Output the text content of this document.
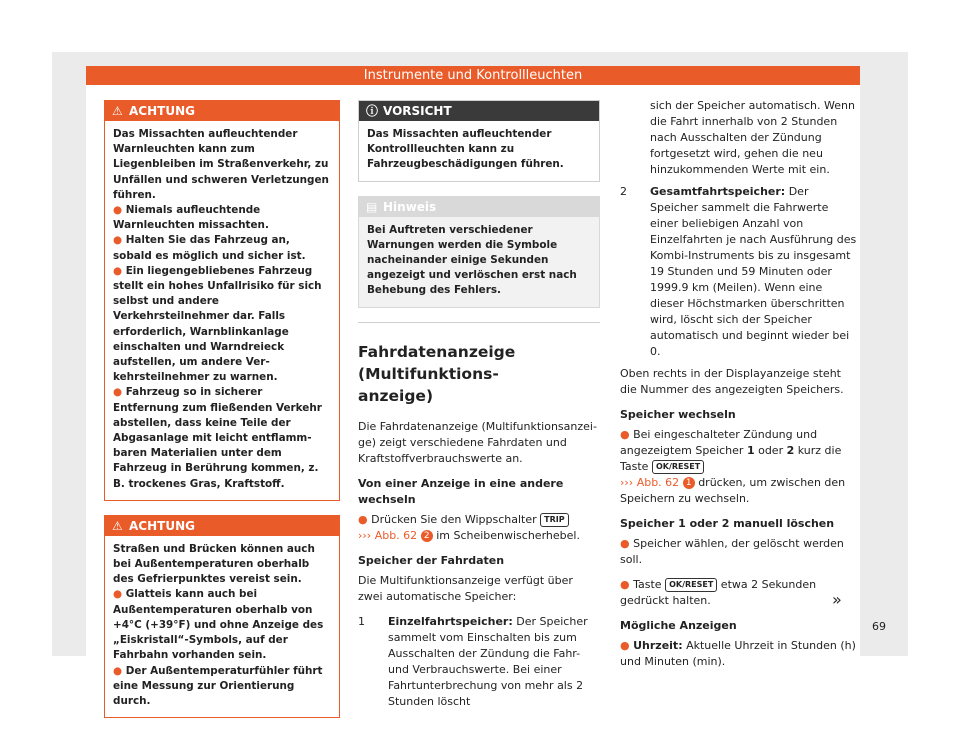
Instrumente und Kontrollleuchten
⚠ ACHTUNG

Das Missachten aufleuchtender Warnleuchten kann zum Liegenbleiben im Straßenverkehr, zu Unfällen und schweren Verletzungen führen.

● Niemals aufleuchtende Warnleuchten missachten.

● Halten Sie das Fahrzeug an, sobald es möglich und sicher ist.

● Ein liegengebliebenes Fahrzeug stellt ein hohes Unfallrisiko für sich selbst und andere Verkehrsteilnehmer dar. Falls erforderlich, Warnblinkanlage einschalten und Warndreieck aufstellen, um andere Verkehrsteilnehmer zu warnen.

● Fahrzeug so in sicherer Entfernung zum fließenden Verkehr abstellen, dass keine Teile der Abgasanlage mit leicht entflammbaren Materialien unter dem Fahrzeug in Berührung kommen, z. B. trockenes Gras, Kraftstoff.

⚠ ACHTUNG

Straßen und Brücken können auch bei Außentemperaturen oberhalb des Gefrierpunktes vereist sein.

● Glatteis kann auch bei Außentemperaturen oberhalb von +4°C (+39°F) und ohne Anzeige des „Eiskristall“-Symbols, auf der Fahrbahn vorhanden sein.

● Der Außentemperaturfühler führt eine Messung zur Orientierung durch.

ⓘ VORSICHT
Das Missachten aufleuchtender Kontrollleuchten kann zu Fahrzeugbeschädigungen führen.
▤ Hinweis
Bei Auftreten verschiedener Warnungen werden die Symbole nacheinander einige Sekunden angezeigt und verlöschen erst nach Behebung des Fehlers.
Fahrdatenanzeige (Multifunktions-
anzeige)

Die Fahrdatenanzeige (Multifunktionsanzeige) zeigt verschiedene Fahrdaten und Kraftstoffverbrauchswerte an.

Von einer Anzeige in eine andere wechseln

● Drücken Sie den Wippschalter TRIP
››› Abb. 62 2 im Scheibenwischerhebel.

Speicher der Fahrdaten

Die Multifunktionsanzeige verfügt über zwei automatische Speicher:

1 Einzelfahrtspeicher: Der Speicher sammelt vom Einschalten bis zum Ausschalten der Zündung die Fahr- und Verbrauchswerte. Bei einer Fahrtunterbrechung von mehr als 2 Stunden löscht
sich der Speicher automatisch. Wenn die Fahrt innerhalb von 2 Stunden nach Ausschalten der Zündung fortgesetzt wird, gehen die neu hinzukommenden Werte mit ein.
2 Gesamtfahrtspeicher: Der Speicher sammelt die Fahrwerte einer beliebigen Anzahl von Einzelfahrten je nach Ausführung des Kombi-Instruments bis zu insgesamt 19 Stunden und 59 Minuten oder 1999.9 km (Meilen). Wenn eine dieser Höchstmarken überschritten wird, löscht sich der Speicher automatisch und beginnt wieder bei 0.

Oben rechts in der Displayanzeige steht die Nummer des angezeigten Speichers.

Speicher wechseln

● Bei eingeschalteter Zündung und angezeigtem Speicher 1 oder 2 kurz die Taste OK/RESET
››› Abb. 62 1 drücken, um zwischen den Speichern zu wechseln.

Speicher 1 oder 2 manuell löschen

● Speicher wählen, der gelöscht werden soll.

● Taste OK/RESET etwa 2 Sekunden gedrückt halten.

Mögliche Anzeigen

● Uhrzeit: Aktuelle Uhrzeit in Stunden (h) und Minuten (min).

»
69
